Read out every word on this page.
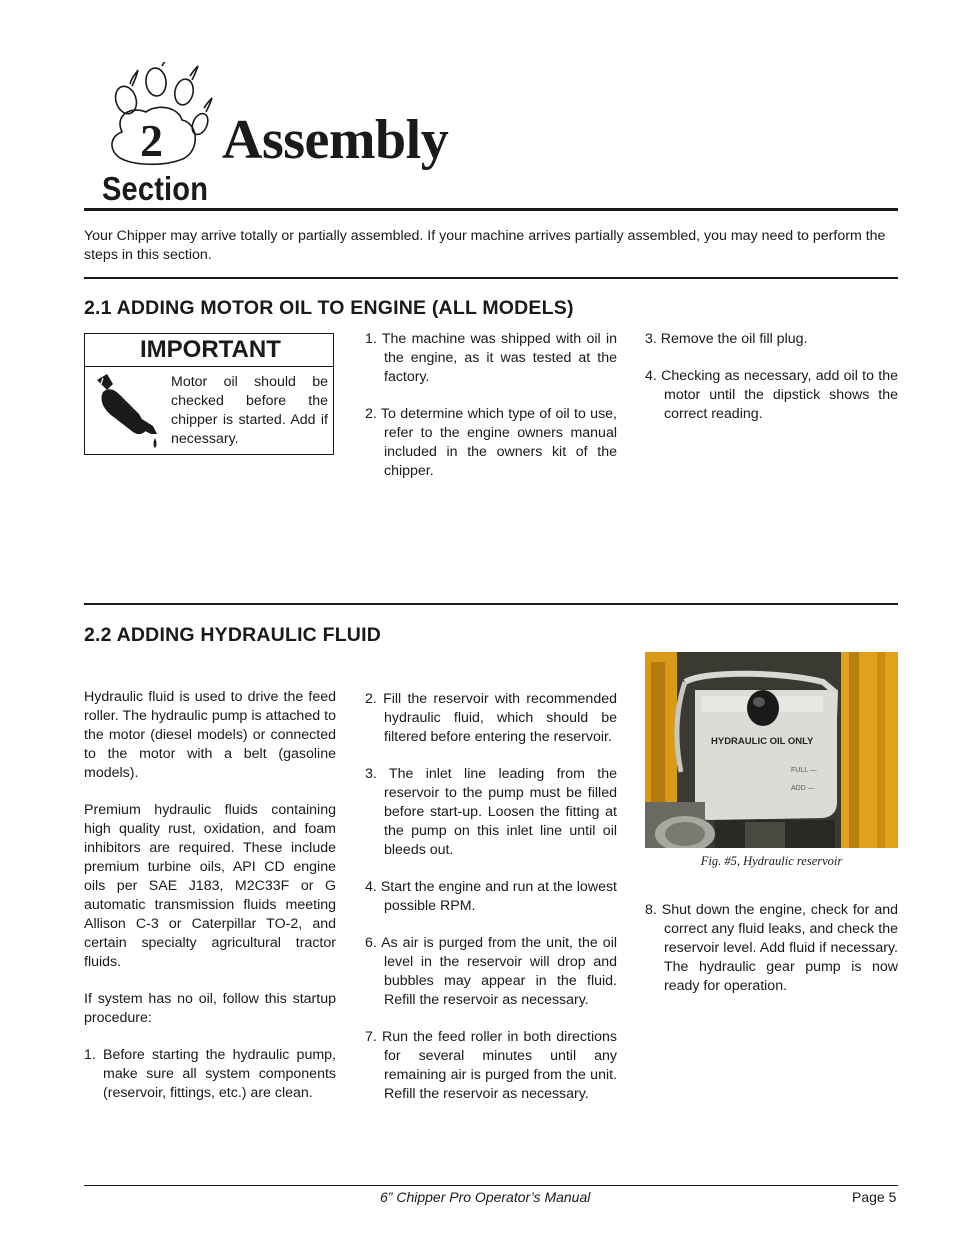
2 Assembly
Section
Your Chipper may arrive totally or partially assembled. If your machine arrives partially assembled, you may need to perform the steps in this section.
2.1 ADDING MOTOR OIL TO ENGINE (ALL MODELS)
IMPORTANT
Motor oil should be checked before the chipper is started. Add if necessary.
1. The machine was shipped with oil in the engine, as it was tested at the factory.
2. To determine which type of oil to use, refer to the engine owners manual included in the owners kit of the chipper.
3. Remove the oil fill plug.
4. Checking as necessary, add oil to the motor until the dipstick shows the correct reading.
2.2 ADDING HYDRAULIC FLUID

Hydraulic fluid is used to drive the feed roller. The hydraulic pump is attached to the motor (diesel models) or connected to the motor with a belt (gasoline models).

Premium hydraulic fluids containing high quality rust, oxidation, and foam inhibitors are required. These include premium turbine oils, API CD engine oils per SAE J183, M2C33F or G automatic transmission fluids meeting Allison C-3 or Caterpillar TO-2, and certain specialty agricultural tractor fluids.

If system has no oil, follow this startup procedure:

1. Before starting the hydraulic pump, make sure all system components (reservoir, fittings, etc.) are clean.
2. Fill the reservoir with recommended hydraulic fluid, which should be filtered before entering the reservoir.
3. The inlet line leading from the reservoir to the pump must be filled before start-up. Loosen the fitting at the pump on this inlet line until oil bleeds out.
4. Start the engine and run at the lowest possible RPM.
6. As air is purged from the unit, the oil level in the reservoir will drop and bubbles may appear in the fluid. Refill the reservoir as necessary.
7. Run the feed roller in both directions for several minutes until any remaining air is purged from the unit. Refill the reservoir as necessary.
HYDRAULIC OIL ONLY
FULL —
ADD —
Fig. #5, Hydraulic reservoir
8. Shut down the engine, check for and correct any fluid leaks, and check the reservoir level. Add fluid if necessary. The hydraulic gear pump is now ready for operation.
6” Chipper Pro Operator’s Manual	Page 5
